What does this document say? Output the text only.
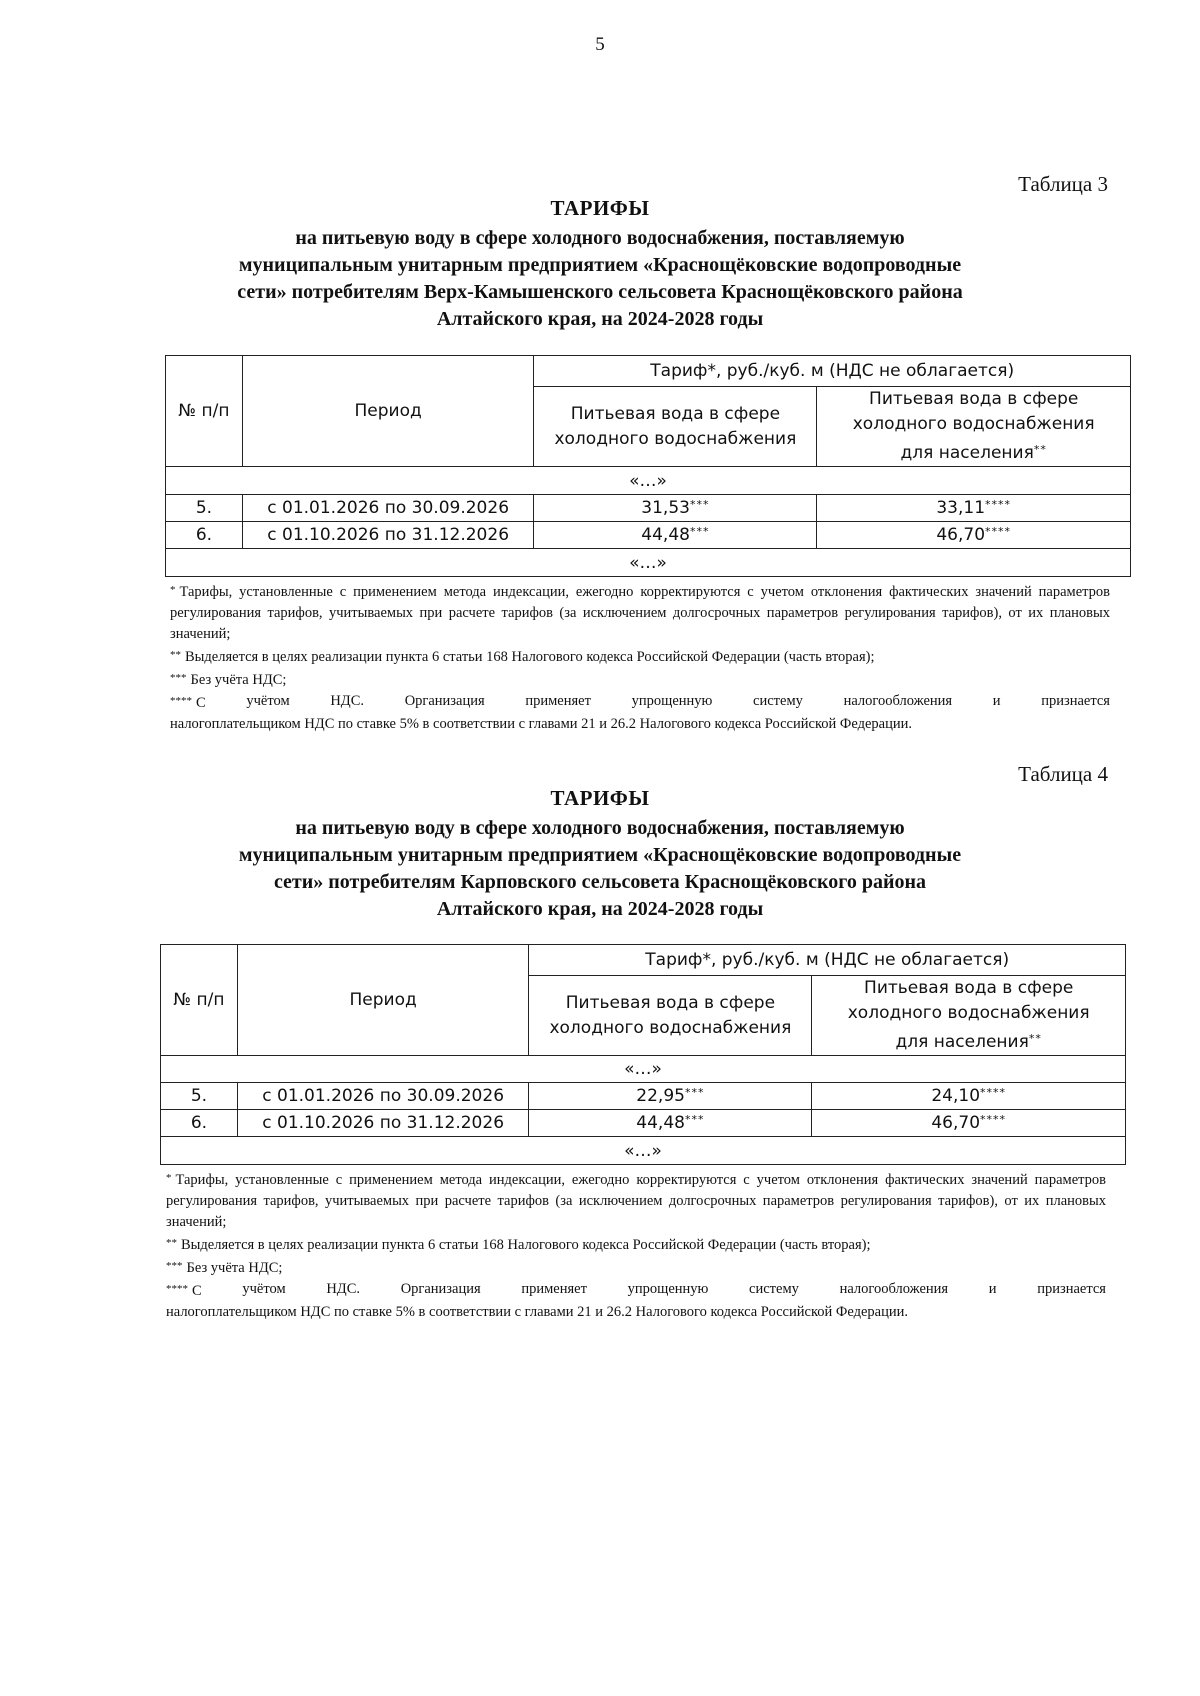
5
Таблица 3
ТАРИФЫ
на питьевую воду в сфере холодного водоснабжения, поставляемую
муниципальным унитарным предприятием «Краснощёковские водопроводные
сети» потребителям Верх-Камышенского сельсовета Краснощёковского района
Алтайского края, на 2024-2028 годы
№ п/п	Период	Тариф*, руб./куб. м (НДС не облагается)	

		Питьевая вода в сфере холодного водоснабжения	Питьевая вода в сфере
холодного водоснабжения
для населения**

«…»			
5.	с 01.01.2026 по 30.09.2026	31,53***	33,11****
6.	с 01.10.2026 по 31.12.2026	44,48***	46,70****
«…»			
* Тарифы, установленные с применением метода индексации, ежегодно корректируются с учетом отклонения фактических значений параметров регулирования тарифов, учитываемых при расчете тарифов (за исключением долгосрочных параметров регулирования тарифов), от их плановых значений;
** Выделяется в целях реализации пункта 6 статьи 168 Налогового кодекса Российской Федерации (часть вторая);
*** Без учёта НДС;
**** С	учётом	НДС.	Организация	применяет	упрощенную	систему	налогообложения	и	признается
налогоплательщиком НДС по ставке 5% в соответствии с главами 21 и 26.2 Налогового кодекса Российской Федерации.
Таблица 4
ТАРИФЫ
на питьевую воду в сфере холодного водоснабжения, поставляемую
муниципальным унитарным предприятием «Краснощёковские водопроводные
сети» потребителям Карповского сельсовета Краснощёковского района
Алтайского края, на 2024-2028 годы
№ п/п	Период	Тариф*, руб./куб. м (НДС не облагается)	

		Питьевая вода в сфере холодного водоснабжения	Питьевая вода в сфере
холодного водоснабжения
для населения**

«…»			
5.	с 01.01.2026 по 30.09.2026	22,95***	24,10****
6.	с 01.10.2026 по 31.12.2026	44,48***	46,70****
«…»			
* Тарифы, установленные с применением метода индексации, ежегодно корректируются с учетом отклонения фактических значений параметров регулирования тарифов, учитываемых при расчете тарифов (за исключением долгосрочных параметров регулирования тарифов), от их плановых значений;
** Выделяется в целях реализации пункта 6 статьи 168 Налогового кодекса Российской Федерации (часть вторая);
*** Без учёта НДС;
**** С	учётом	НДС.	Организация	применяет	упрощенную	систему	налогообложения	и	признается
налогоплательщиком НДС по ставке 5% в соответствии с главами 21 и 26.2 Налогового кодекса Российской Федерации.
